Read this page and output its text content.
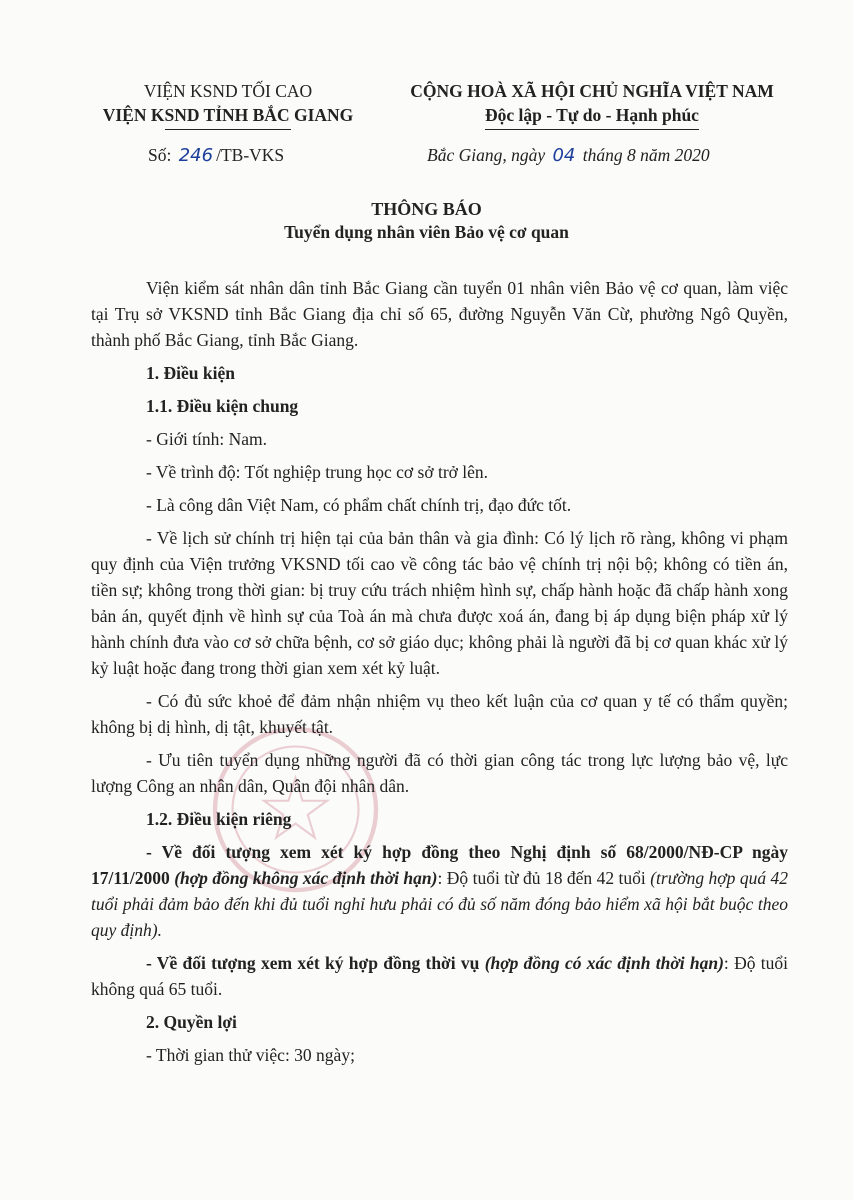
VIỆN KSND TỐI CAO
VIỆN KSND TỈNH BẮC GIANG
CỘNG HOÀ XÃ HỘI CHỦ NGHĨA VIỆT NAM
Độc lập - Tự do - Hạnh phúc
Số: 246 /TB-VKS	Bắc Giang, ngày 04 tháng 8 năm 2020
THÔNG BÁO
Tuyển dụng nhân viên Bảo vệ cơ quan

Viện kiểm sát nhân dân tỉnh Bắc Giang cần tuyển 01 nhân viên Bảo vệ cơ quan, làm việc tại Trụ sở VKSND tỉnh Bắc Giang địa chỉ số 65, đường Nguyễn Văn Cừ, phường Ngô Quyền, thành phố Bắc Giang, tỉnh Bắc Giang.

1. Điều kiện

1.1. Điều kiện chung

- Giới tính: Nam.

- Về trình độ: Tốt nghiệp trung học cơ sở trở lên.

- Là công dân Việt Nam, có phẩm chất chính trị, đạo đức tốt.

- Về lịch sử chính trị hiện tại của bản thân và gia đình: Có lý lịch rõ ràng, không vi phạm quy định của Viện trưởng VKSND tối cao về công tác bảo vệ chính trị nội bộ; không có tiền án, tiền sự; không trong thời gian: bị truy cứu trách nhiệm hình sự, chấp hành hoặc đã chấp hành xong bản án, quyết định về hình sự của Toà án mà chưa được xoá án, đang bị áp dụng biện pháp xử lý hành chính đưa vào cơ sở chữa bệnh, cơ sở giáo dục; không phải là người đã bị cơ quan khác xử lý kỷ luật hoặc đang trong thời gian xem xét kỷ luật.

- Có đủ sức khoẻ để đảm nhận nhiệm vụ theo kết luận của cơ quan y tế có thẩm quyền; không bị dị hình, dị tật, khuyết tật.

- Ưu tiên tuyển dụng những người đã có thời gian công tác trong lực lượng bảo vệ, lực lượng Công an nhân dân, Quân đội nhân dân.

1.2. Điều kiện riêng

- Về đối tượng xem xét ký hợp đồng theo Nghị định số 68/2000/NĐ-CP ngày 17/11/2000 (hợp đồng không xác định thời hạn): Độ tuổi từ đủ 18 đến 42 tuổi (trường hợp quá 42 tuổi phải đảm bảo đến khi đủ tuổi nghỉ hưu phải có đủ số năm đóng bảo hiểm xã hội bắt buộc theo quy định).

- Về đối tượng xem xét ký hợp đồng thời vụ (hợp đồng có xác định thời hạn): Độ tuổi không quá 65 tuổi.

2. Quyền lợi

- Thời gian thử việc: 30 ngày;
